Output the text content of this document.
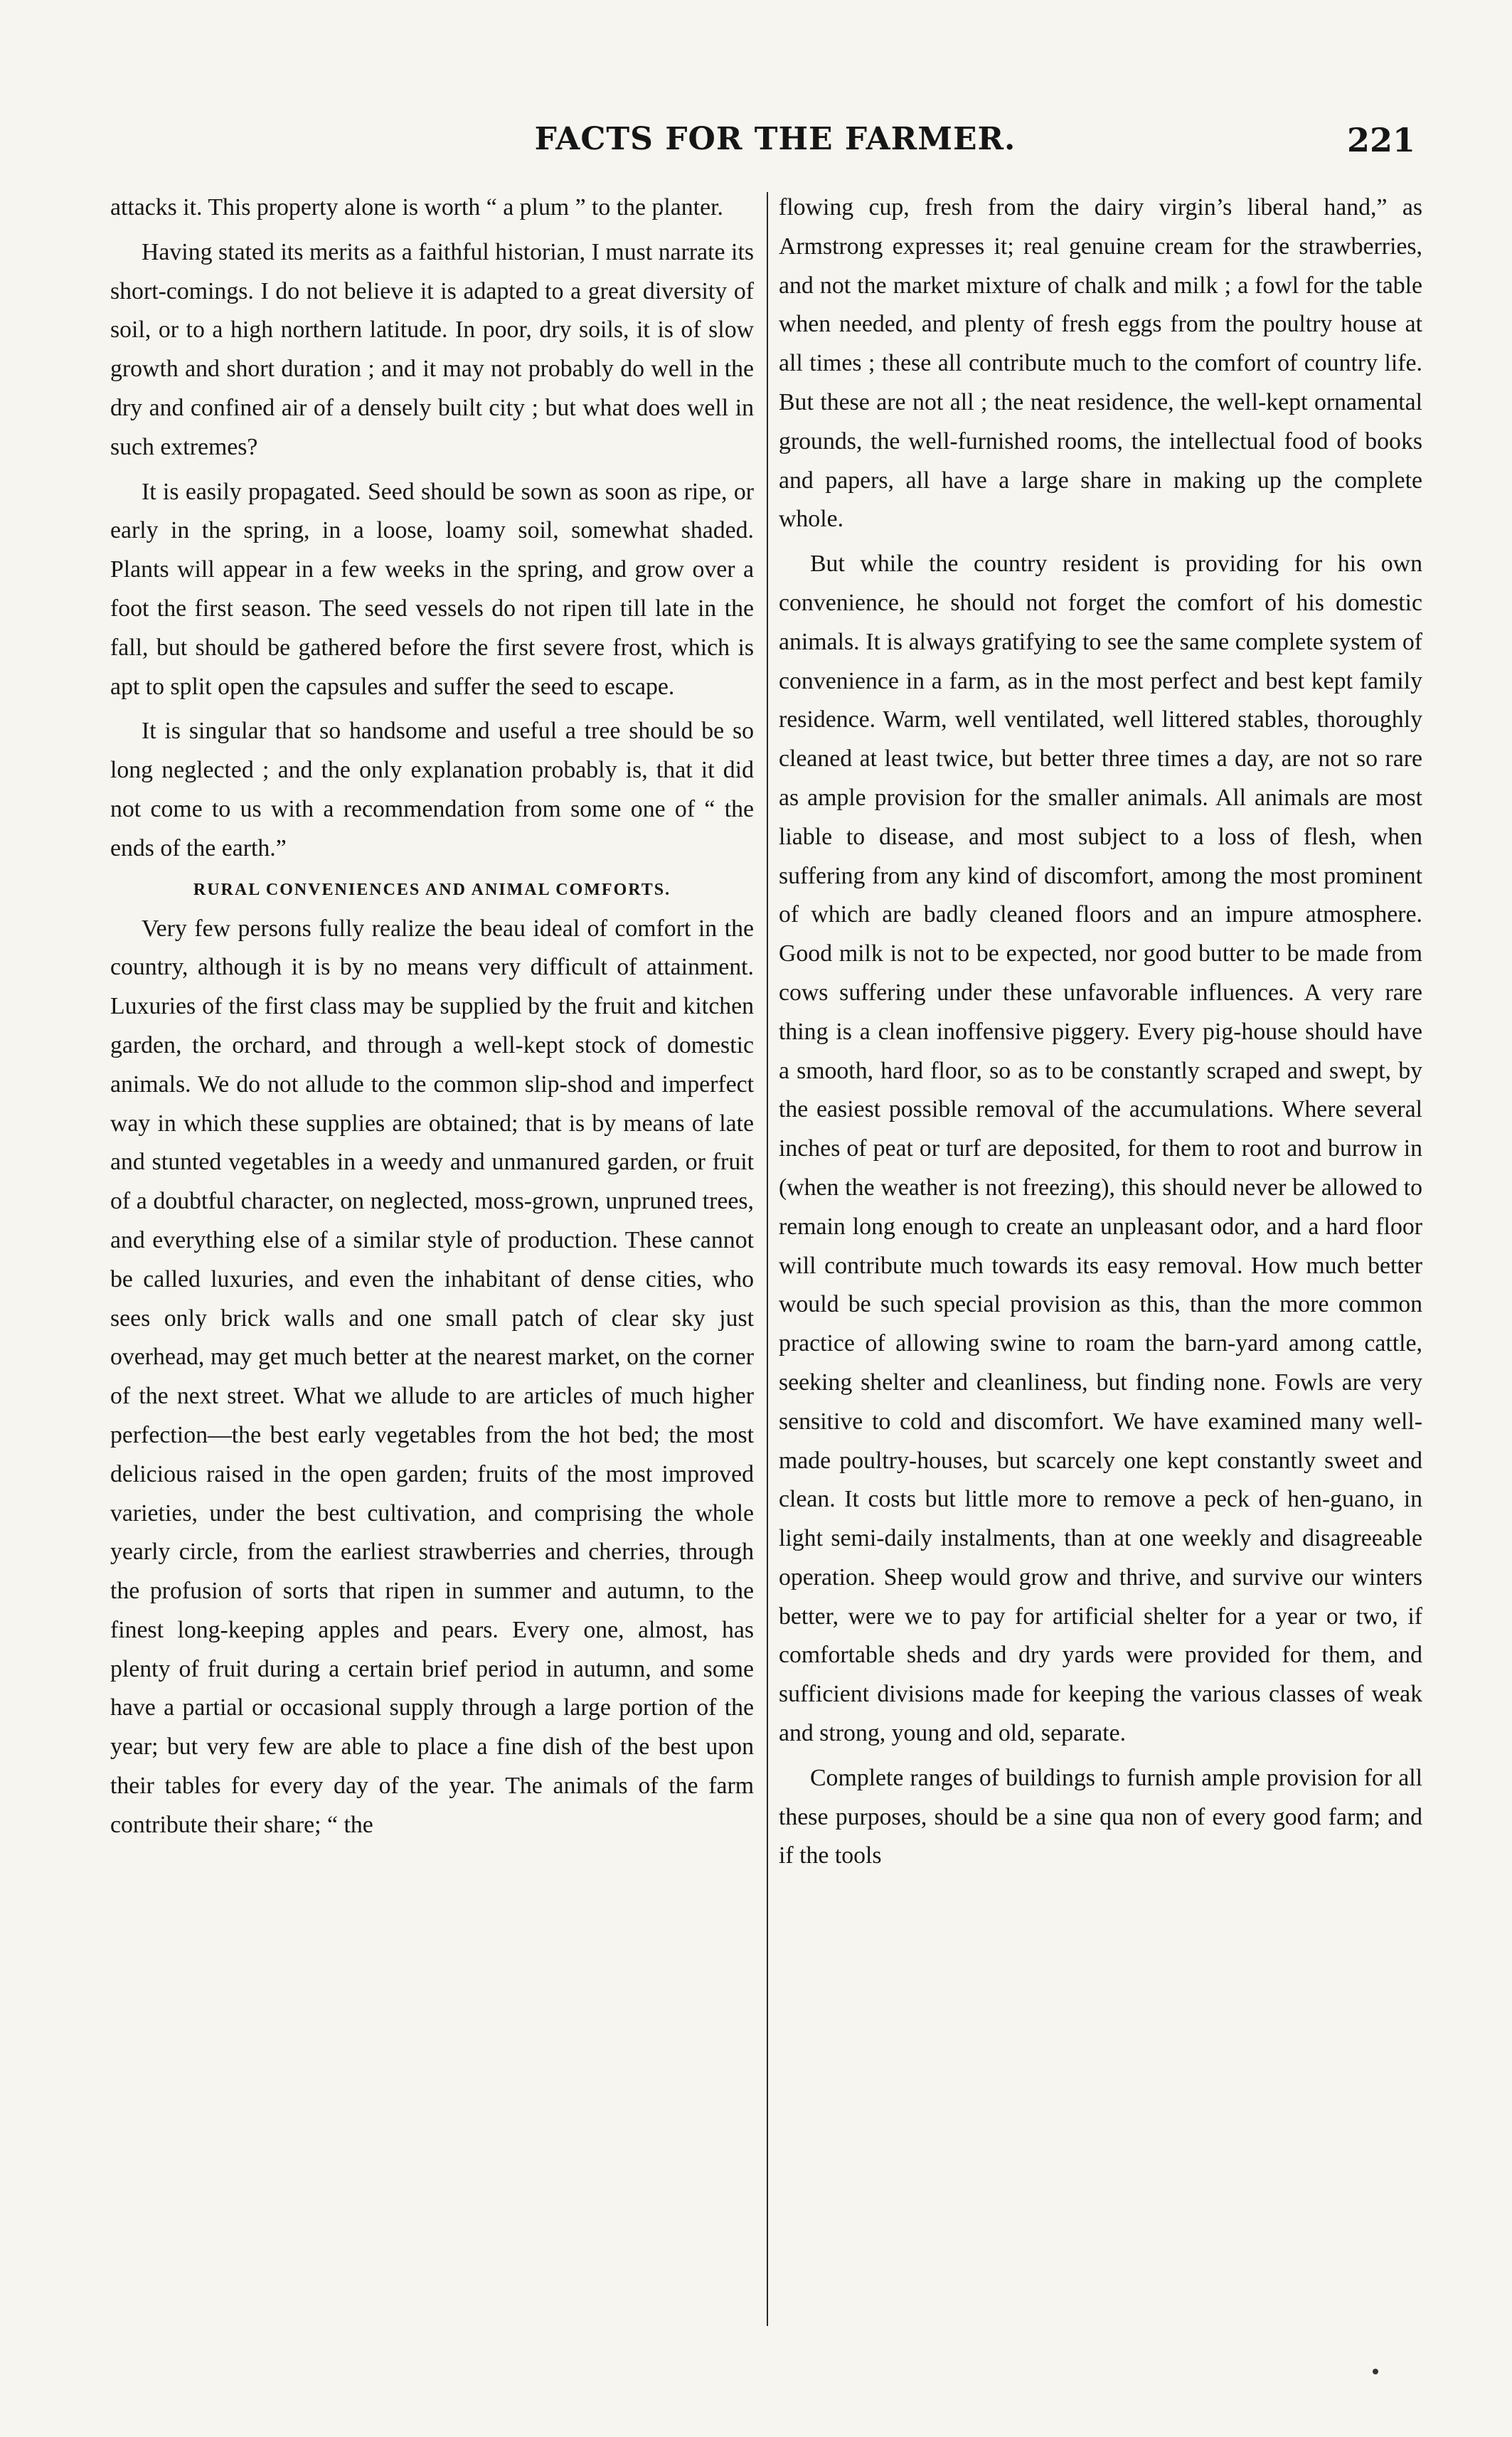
FACTS FOR THE FARMER.	221

attacks it. This property alone is worth “ a plum ” to the planter.

Having stated its merits as a faithful historian, I must narrate its short-comings. I do not believe it is adapted to a great diversity of soil, or to a high northern latitude. In poor, dry soils, it is of slow growth and short duration ; and it may not probably do well in the dry and confined air of a densely built city ; but what does well in such extremes?

It is easily propagated. Seed should be sown as soon as ripe, or early in the spring, in a loose, loamy soil, somewhat shaded. Plants will appear in a few weeks in the spring, and grow over a foot the first season. The seed vessels do not ripen till late in the fall, but should be gathered before the first severe frost, which is apt to split open the capsules and suffer the seed to escape.

It is singular that so handsome and useful a tree should be so long neglected ; and the only explanation probably is, that it did not come to us with a recommendation from some one of “ the ends of the earth.”

RURAL CONVENIENCES AND ANIMAL COMFORTS.

Very few persons fully realize the beau ideal of comfort in the country, although it is by no means very difficult of attainment. Luxuries of the first class may be supplied by the fruit and kitchen garden, the orchard, and through a well-kept stock of domestic animals. We do not allude to the common slip-shod and imperfect way in which these supplies are obtained; that is by means of late and stunted vegetables in a weedy and unmanured garden, or fruit of a doubtful character, on neglected, moss-grown, unpruned trees, and everything else of a similar style of production. These cannot be called luxuries, and even the inhabitant of dense cities, who sees only brick walls and one small patch of clear sky just overhead, may get much better at the nearest market, on the corner of the next street. What we allude to are articles of much higher perfection—the best early vegetables from the hot bed; the most delicious raised in the open garden; fruits of the most improved varieties, under the best cultivation, and comprising the whole yearly circle, from the earliest strawberries and cherries, through the profusion of sorts that ripen in summer and autumn, to the finest long-keeping apples and pears. Every one, almost, has plenty of fruit during a certain brief period in autumn, and some have a partial or occasional supply through a large portion of the year; but very few are able to place a fine dish of the best upon their tables for every day of the year. The animals of the farm contribute their share; “ the

flowing cup, fresh from the dairy virgin’s liberal hand,” as Armstrong expresses it; real genuine cream for the strawberries, and not the market mixture of chalk and milk ; a fowl for the table when needed, and plenty of fresh eggs from the poultry house at all times ; these all contribute much to the comfort of country life. But these are not all ; the neat residence, the well-kept ornamental grounds, the well-furnished rooms, the intellectual food of books and papers, all have a large share in making up the complete whole.

But while the country resident is providing for his own convenience, he should not forget the comfort of his domestic animals. It is always gratifying to see the same complete system of convenience in a farm, as in the most perfect and best kept family residence. Warm, well ventilated, well littered stables, thoroughly cleaned at least twice, but better three times a day, are not so rare as ample provision for the smaller animals. All animals are most liable to disease, and most subject to a loss of flesh, when suffering from any kind of discomfort, among the most prominent of which are badly cleaned floors and an impure atmosphere. Good milk is not to be expected, nor good butter to be made from cows suffering under these unfavorable influences. A very rare thing is a clean inoffensive piggery. Every pig-house should have a smooth, hard floor, so as to be constantly scraped and swept, by the easiest possible removal of the accumulations. Where several inches of peat or turf are deposited, for them to root and burrow in (when the weather is not freezing), this should never be allowed to remain long enough to create an unpleasant odor, and a hard floor will contribute much towards its easy removal. How much better would be such special provision as this, than the more common practice of allowing swine to roam the barn-yard among cattle, seeking shelter and cleanliness, but finding none. Fowls are very sensitive to cold and discomfort. We have examined many well-made poultry-houses, but scarcely one kept constantly sweet and clean. It costs but little more to remove a peck of hen-guano, in light semi-daily instalments, than at one weekly and disagreeable operation. Sheep would grow and thrive, and survive our winters better, were we to pay for artificial shelter for a year or two, if comfortable sheds and dry yards were provided for them, and sufficient divisions made for keeping the various classes of weak and strong, young and old, separate.

Complete ranges of buildings to furnish ample provision for all these purposes, should be a sine qua non of every good farm; and if the tools
